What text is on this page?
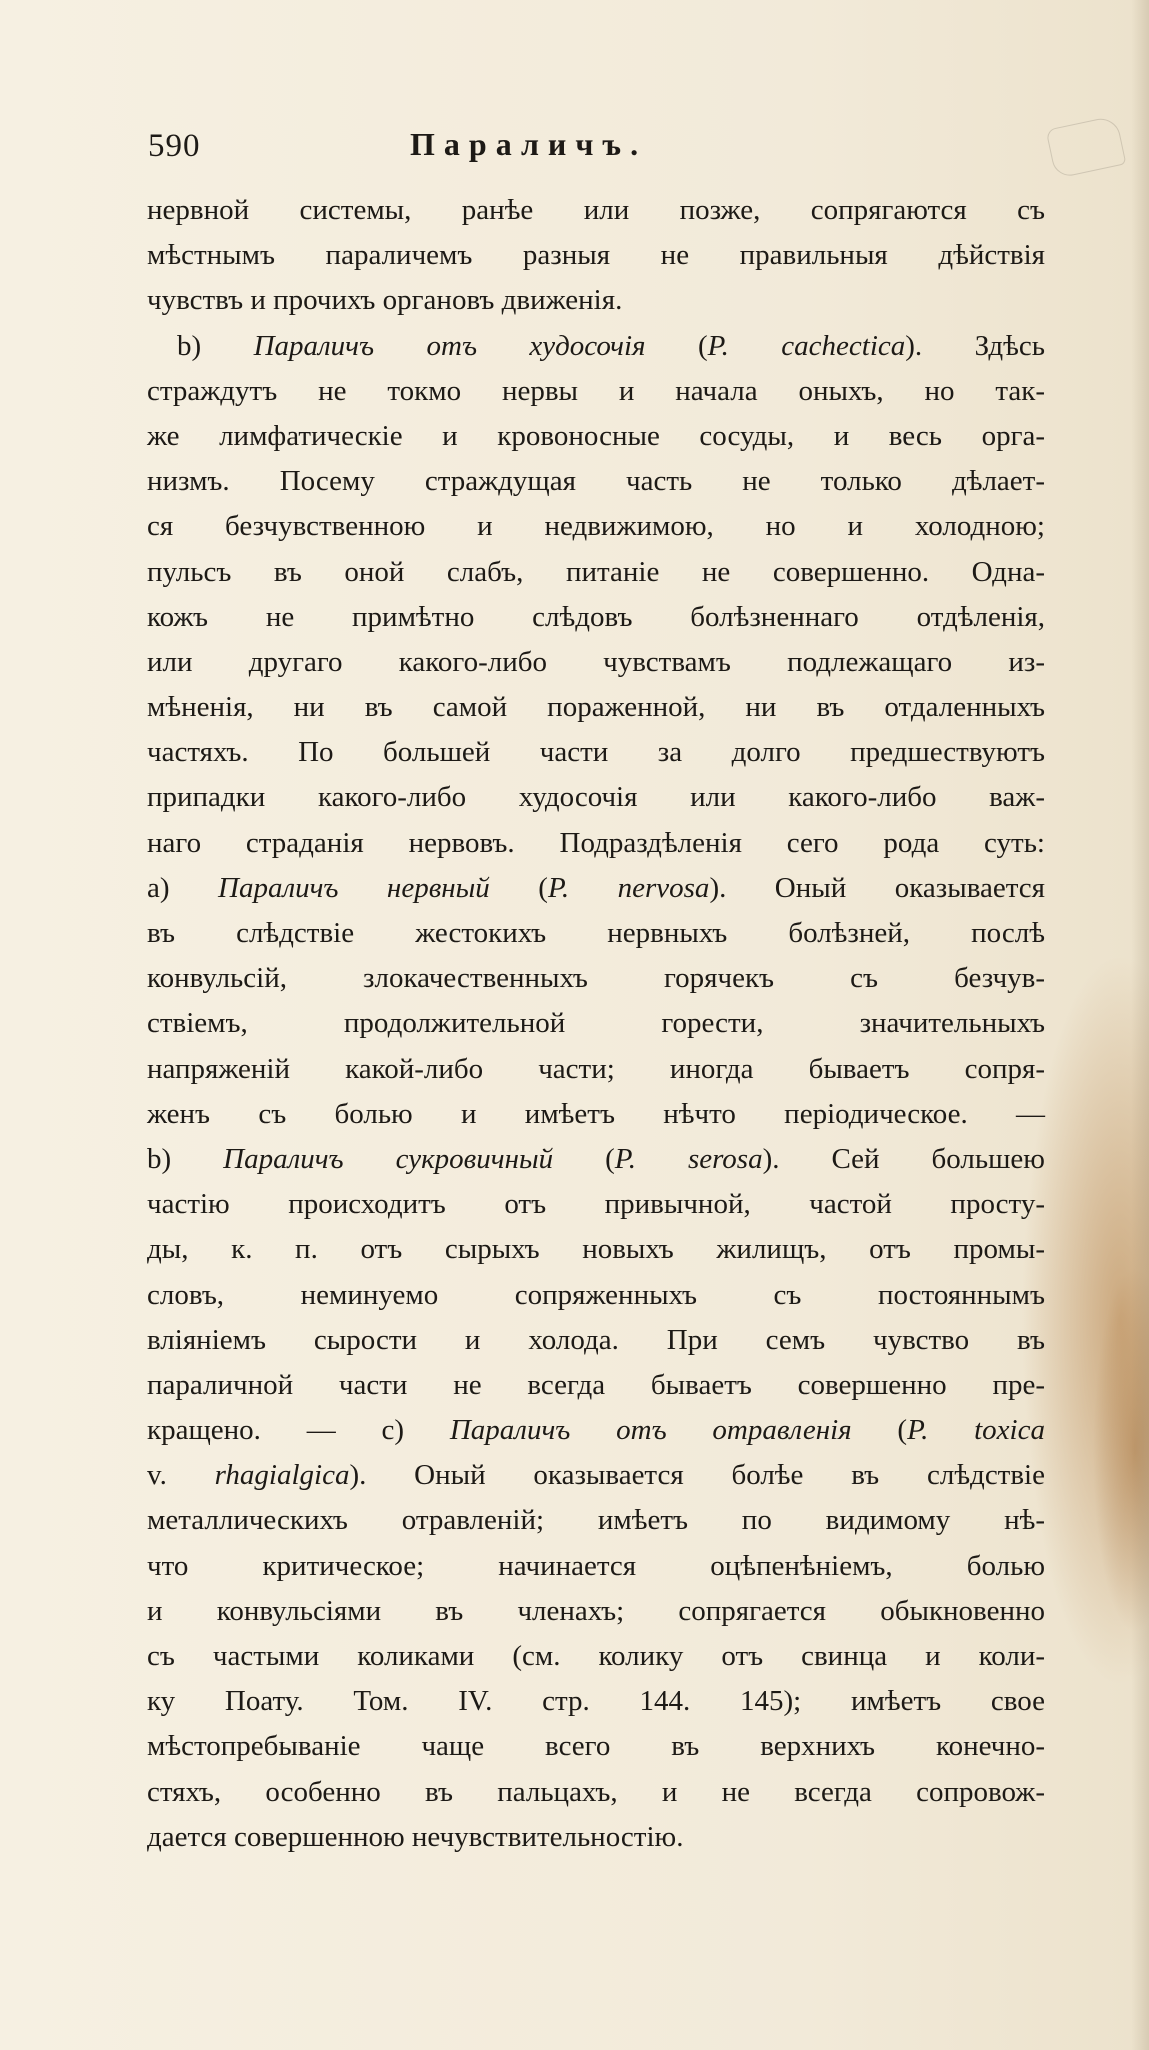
590	Параличъ.
нервной системы, ранѣе или позже, сопрягаются съ
мѣстнымъ параличемъ разныя не правильныя дѣйствія
чувствъ и прочихъ органовъ движенія.
b) Параличъ отъ худосочія (P. cachectica). Здѣсь
страждутъ не токмо нервы и начала оныхъ, но так-
же лимфатическіе и кровоносные сосуды, и весь орга-
низмъ. Посему страждущая часть не только дѣлает-
ся безчувственною и недвижимою, но и холодною;
пульсъ въ оной слабъ, питаніе не совершенно. Одна-
кожъ не примѣтно слѣдовъ болѣзненнаго отдѣленія,
или другаго какого-либо чувствамъ подлежащаго из-
мѣненія, ни въ самой пораженной, ни въ отдаленныхъ
частяхъ. По большей части за долго предшествуютъ
припадки какого-либо худосочія или какого-либо важ-
наго страданія нервовъ. Подраздѣленія сего рода суть:
a) Параличъ нервный (P. nervosa). Оный оказывается
въ слѣдствіе жестокихъ нервныхъ болѣзней, послѣ
конвульсій, злокачественныхъ горячекъ съ безчув-
ствіемъ, продолжительной горести, значительныхъ
напряженій какой-либо части; иногда бываетъ сопря-
женъ съ болью и имѣетъ нѣчто періодическое. —
b) Параличъ сукровичный (P. serosa). Сей большею
частію происходитъ отъ привычной, частой просту-
ды, к. п. отъ сырыхъ новыхъ жилищъ, отъ промы-
словъ, неминуемо сопряженныхъ съ постояннымъ
вліяніемъ сырости и холода. При семъ чувство въ
параличной части не всегда бываетъ совершенно пре-
кращено. — c) Параличъ отъ отравленія (P. toxica
v. rhagialgica). Оный оказывается болѣе въ слѣдствіе
металлическихъ отравленій; имѣетъ по видимому нѣ-
что критическое; начинается оцѣпенѣніемъ, болью
и конвульсіями въ членахъ; сопрягается обыкновенно
съ частыми коликами (см. колику отъ свинца и коли-
ку Поату. Том. IV. стр. 144. 145); имѣетъ свое
мѣстопребываніе чаще всего въ верхнихъ конечно-
стяхъ, особенно въ пальцахъ, и не всегда сопровож-
дается совершенною нечувствительностію.
